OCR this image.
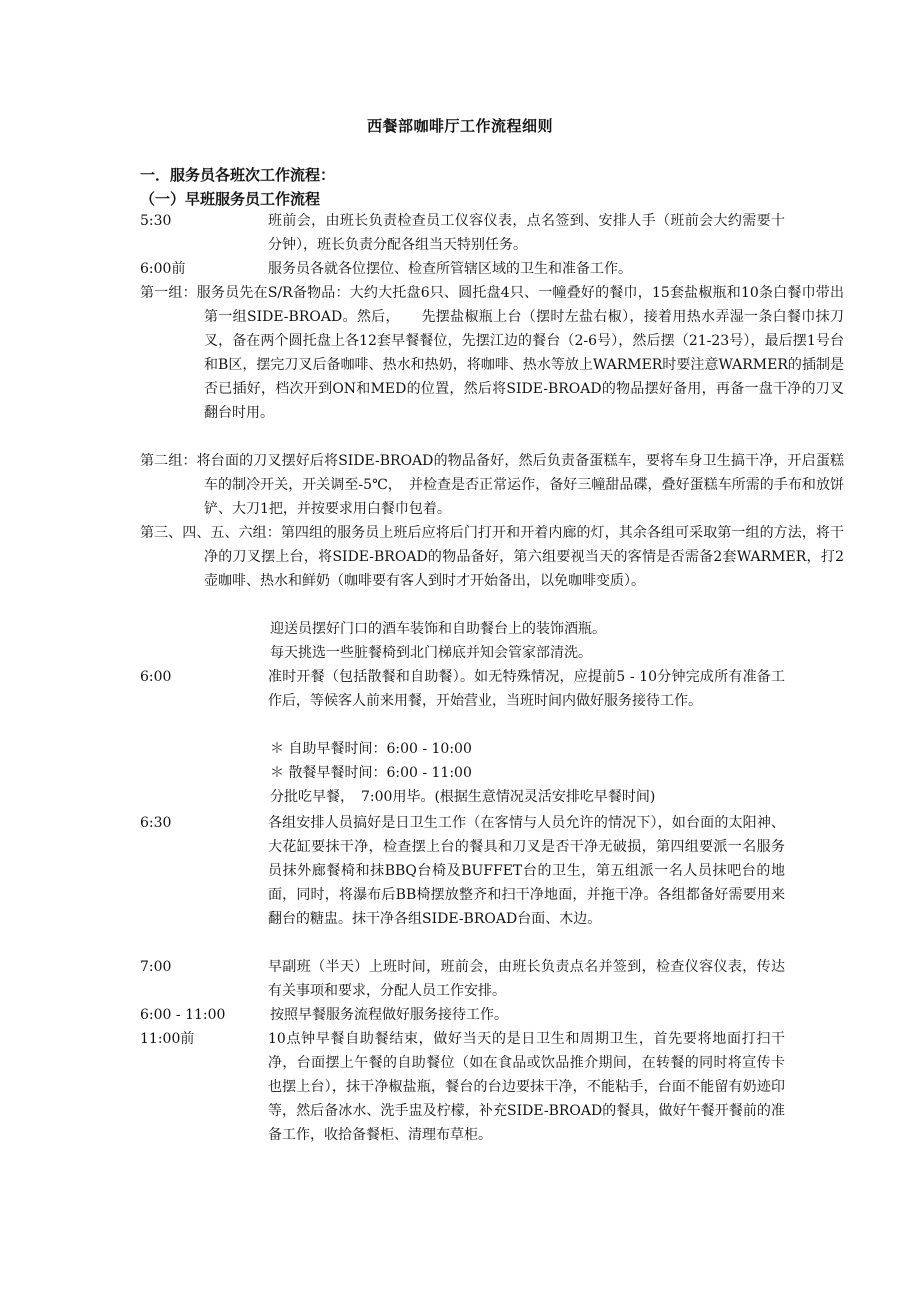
西餐部咖啡厅工作流程细则
一．服务员各班次工作流程：
（一）早班服务员工作流程
5:30	班前会，由班长负责检查员工仪容仪表，点名签到、安排人手（班前会大约需要十分钟），班长负责分配各组当天特别任务。
6:00前	服务员各就各位摆位、检查所管辖区域的卫生和准备工作。
第一组：服务员先在S/R备物品：大约大托盘6只、圆托盘4只、一幢叠好的餐巾，15套盐椒瓶和10条白餐巾带出第一组SIDE-BROAD。然后，　　先摆盐椒瓶上台（摆时左盐右椒），接着用热水弄湿一条白餐巾抹刀叉，备在两个圆托盘上各12套早餐餐位，先摆江边的餐台（2-6号），然后摆（21-23号），最后摆1号台和B区，摆完刀叉后备咖啡、热水和热奶，将咖啡、热水等放上WARMER时要注意WARMER的插制是否已插好，档次开到ON和MED的位置，然后将SIDE-BROAD的物品摆好备用，再备一盘干净的刀叉翻台时用。
第二组：将台面的刀叉摆好后将SIDE-BROAD的物品备好，然后负责备蛋糕车，要将车身卫生搞干净，开启蛋糕车的制冷开关，开关调至-5℃，　并检查是否正常运作，备好三幢甜品碟，叠好蛋糕车所需的手布和放饼铲、大刀1把，并按要求用白餐巾包着。
第三、四、五、六组：第四组的服务员上班后应将后门打开和开着内廊的灯，其余各组可采取第一组的方法，将干净的刀叉摆上台，将SIDE-BROAD的物品备好，第六组要视当天的客情是否需备2套WARMER，打2壶咖啡、热水和鲜奶（咖啡要有客人到时才开始备出，以免咖啡变质）。
迎送员摆好门口的酒车装饰和自助餐台上的装饰酒瓶。
每天挑选一些脏餐椅到北门梯底并知会管家部清洗。
6:00	准时开餐（包括散餐和自助餐）。如无特殊情况，应提前5 - 10分钟完成所有准备工作后，等候客人前来用餐，开始营业，当班时间内做好服务接待工作。
＊ 自助早餐时间：6:00 - 10:00
＊ 散餐早餐时间：6:00 - 11:00
分批吃早餐，　7:00用毕。(根据生意情况灵活安排吃早餐时间)
6:30	各组安排人员搞好是日卫生工作（在客情与人员允许的情况下），如台面的太阳神、大花缸要抹干净，检查摆上台的餐具和刀叉是否干净无破损，第四组要派一名服务员抹外廊餐椅和抹BBQ台椅及BUFFET台的卫生，第五组派一名人员抹吧台的地面，同时，将瀑布后BB椅摆放整齐和扫干净地面，并拖干净。各组都备好需要用来翻台的糖盅。抹干净各组SIDE-BROAD台面、木边。
7:00	早副班（半天）上班时间，班前会，由班长负责点名并签到，检查仪容仪表，传达有关事项和要求，分配人员工作安排。
6:00 - 11:00	按照早餐服务流程做好服务接待工作。
11:00前	10点钟早餐自助餐结束，做好当天的是日卫生和周期卫生，首先要将地面打扫干净，台面摆上午餐的自助餐位（如在食品或饮品推介期间，在转餐的同时将宣传卡也摆上台），抹干净椒盐瓶，餐台的台边要抹干净，不能粘手，台面不能留有奶迹印等，然后备冰水、洗手盅及柠檬，补充SIDE-BROAD的餐具，做好午餐开餐前的准备工作，收拾备餐柜、清理布草柜。
